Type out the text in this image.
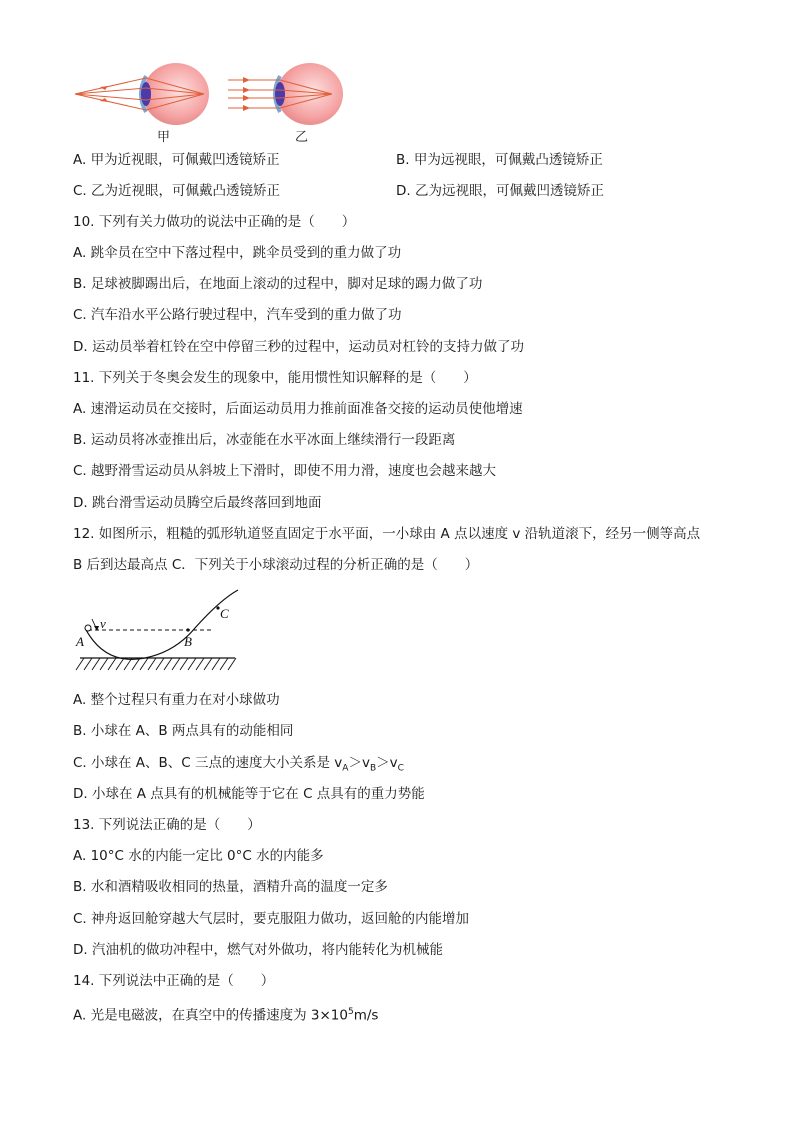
甲	乙
A. 甲为近视眼，可佩戴凹透镜矫正	B. 甲为远视眼，可佩戴凸透镜矫正
C. 乙为近视眼，可佩戴凸透镜矫正	D. 乙为远视眼，可佩戴凹透镜矫正
10. 下列有关力做功的说法中正确的是（　　）
A. 跳伞员在空中下落过程中，跳伞员受到的重力做了功
B. 足球被脚踢出后，在地面上滚动的过程中，脚对足球的踢力做了功
C. 汽车沿水平公路行驶过程中，汽车受到的重力做了功
D. 运动员举着杠铃在空中停留三秒的过程中，运动员对杠铃的支持力做了功
11. 下列关于冬奥会发生的现象中，能用惯性知识解释的是（　　）
A. 速滑运动员在交接时，后面运动员用力推前面准备交接的运动员使他增速
B. 运动员将冰壶推出后，冰壶能在水平冰面上继续滑行一段距离
C. 越野滑雪运动员从斜坡上下滑时，即使不用力滑，速度也会越来越大
D. 跳台滑雪运动员腾空后最终落回到地面
12. 如图所示，粗糙的弧形轨道竖直固定于水平面，一小球由 A 点以速度 v 沿轨道滚下，经另一侧等高点
B 后到达最高点 C．下列关于小球滚动过程的分析正确的是（　　）
v
A	B
C
A. 整个过程只有重力在对小球做功
B. 小球在 A、B 两点具有的动能相同
C. 小球在 A、B、C 三点的速度大小关系是 $v_A>v_B>v_C$
D. 小球在 A 点具有的机械能等于它在 C 点具有的重力势能
13. 下列说法正确的是（　　）
A. 10°C 水的内能一定比 0°C 水的内能多
B. 水和酒精吸收相同的热量，酒精升高的温度一定多
C. 神舟返回舱穿越大气层时，要克服阻力做功，返回舱的内能增加
D. 汽油机的做功冲程中，燃气对外做功，将内能转化为机械能
14. 下列说法中正确的是（　　）
A. 光是电磁波，在真空中的传播速度为 $3\times 10^5m/s$
